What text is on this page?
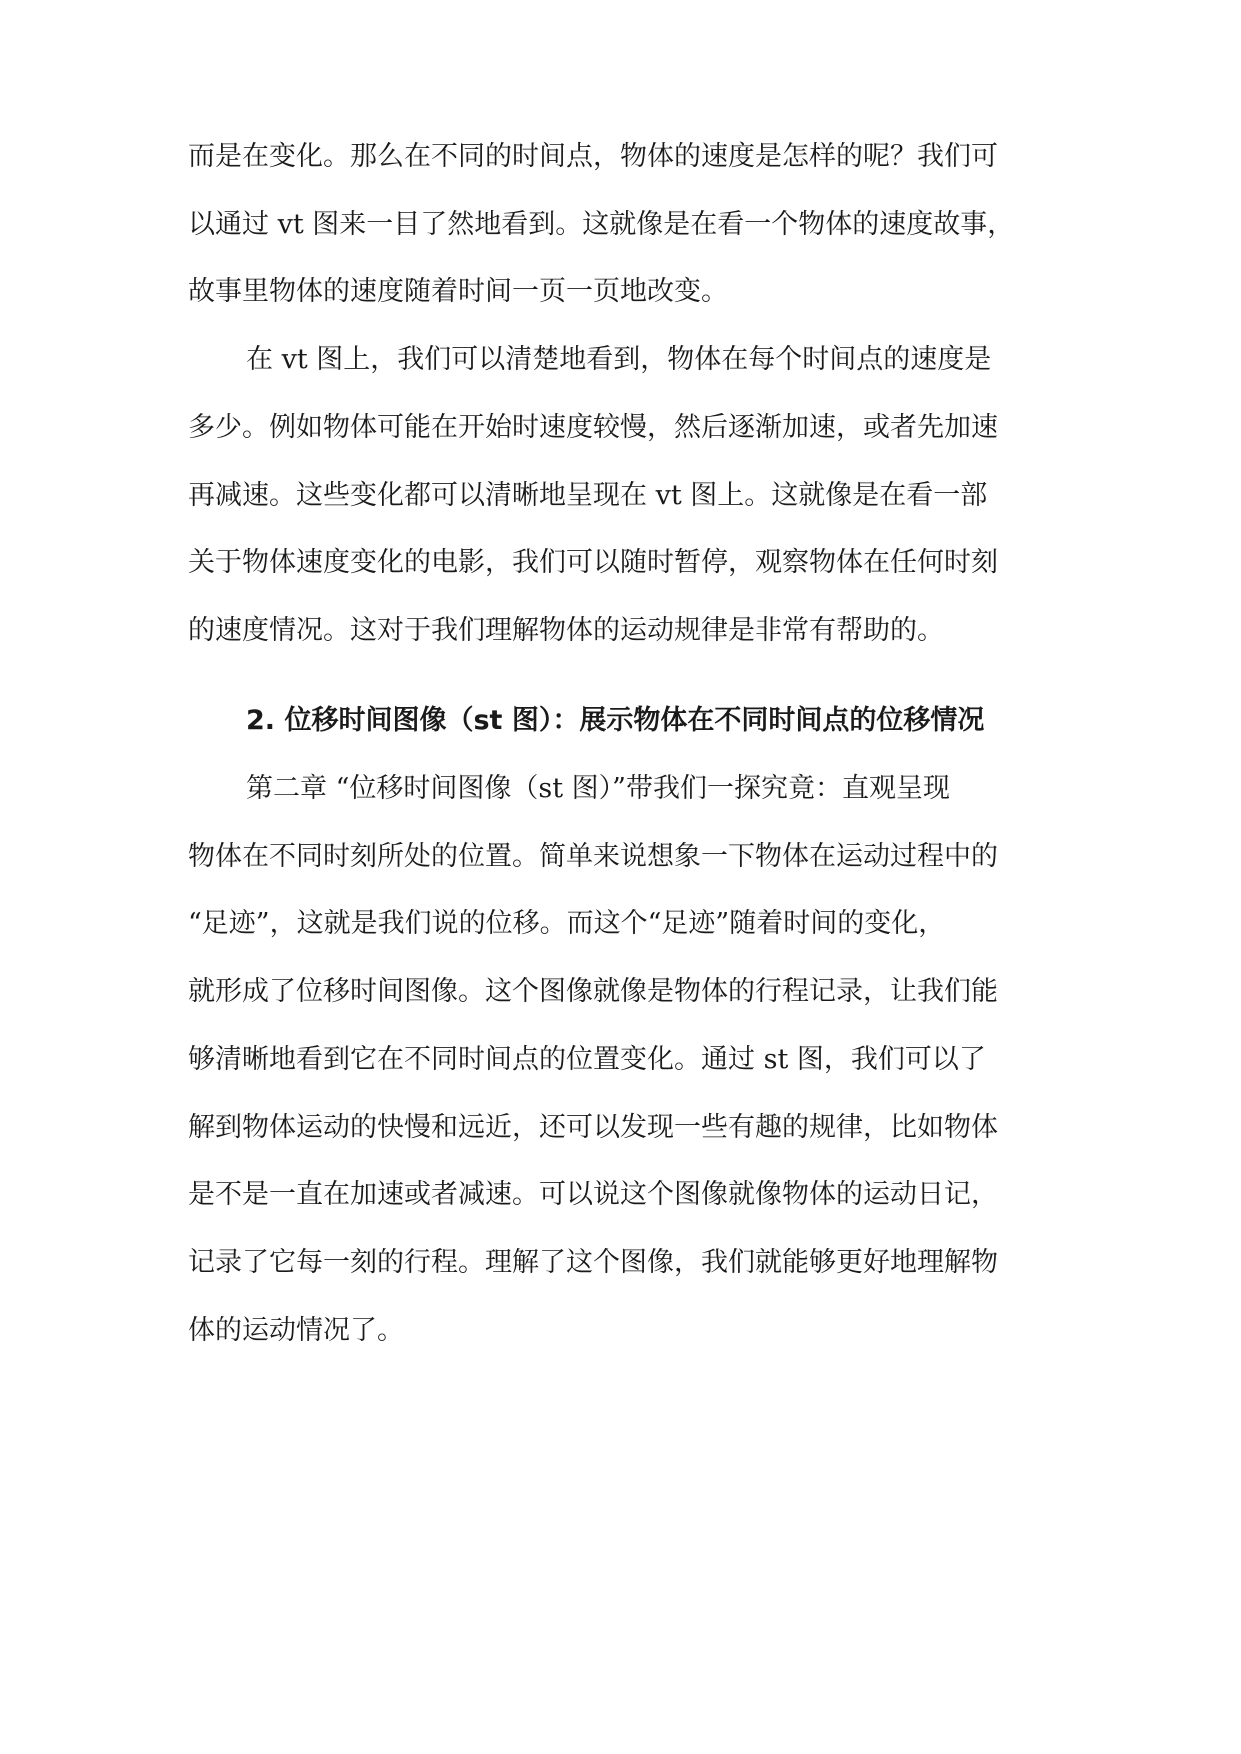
而是在变化。那么在不同的时间点，物体的速度是怎样的呢？我们可
以通过 vt 图来一目了然地看到。这就像是在看一个物体的速度故事，
故事里物体的速度随着时间一页一页地改变。
在 vt 图上，我们可以清楚地看到，物体在每个时间点的速度是
多少。例如物体可能在开始时速度较慢，然后逐渐加速，或者先加速
再减速。这些变化都可以清晰地呈现在 vt 图上。这就像是在看一部
关于物体速度变化的电影，我们可以随时暂停，观察物体在任何时刻
的速度情况。这对于我们理解物体的运动规律是非常有帮助的。
2. 位移时间图像（st 图）：展示物体在不同时间点的位移情况
第二章 “位移时间图像（st 图）”带我们一探究竟：直观呈现
物体在不同时刻所处的位置。简单来说想象一下物体在运动过程中的
“足迹”，这就是我们说的位移。而这个“足迹”随着时间的变化，
就形成了位移时间图像。这个图像就像是物体的行程记录，让我们能
够清晰地看到它在不同时间点的位置变化。通过 st 图，我们可以了
解到物体运动的快慢和远近，还可以发现一些有趣的规律，比如物体
是不是一直在加速或者减速。可以说这个图像就像物体的运动日记，
记录了它每一刻的行程。理解了这个图像，我们就能够更好地理解物
体的运动情况了。
